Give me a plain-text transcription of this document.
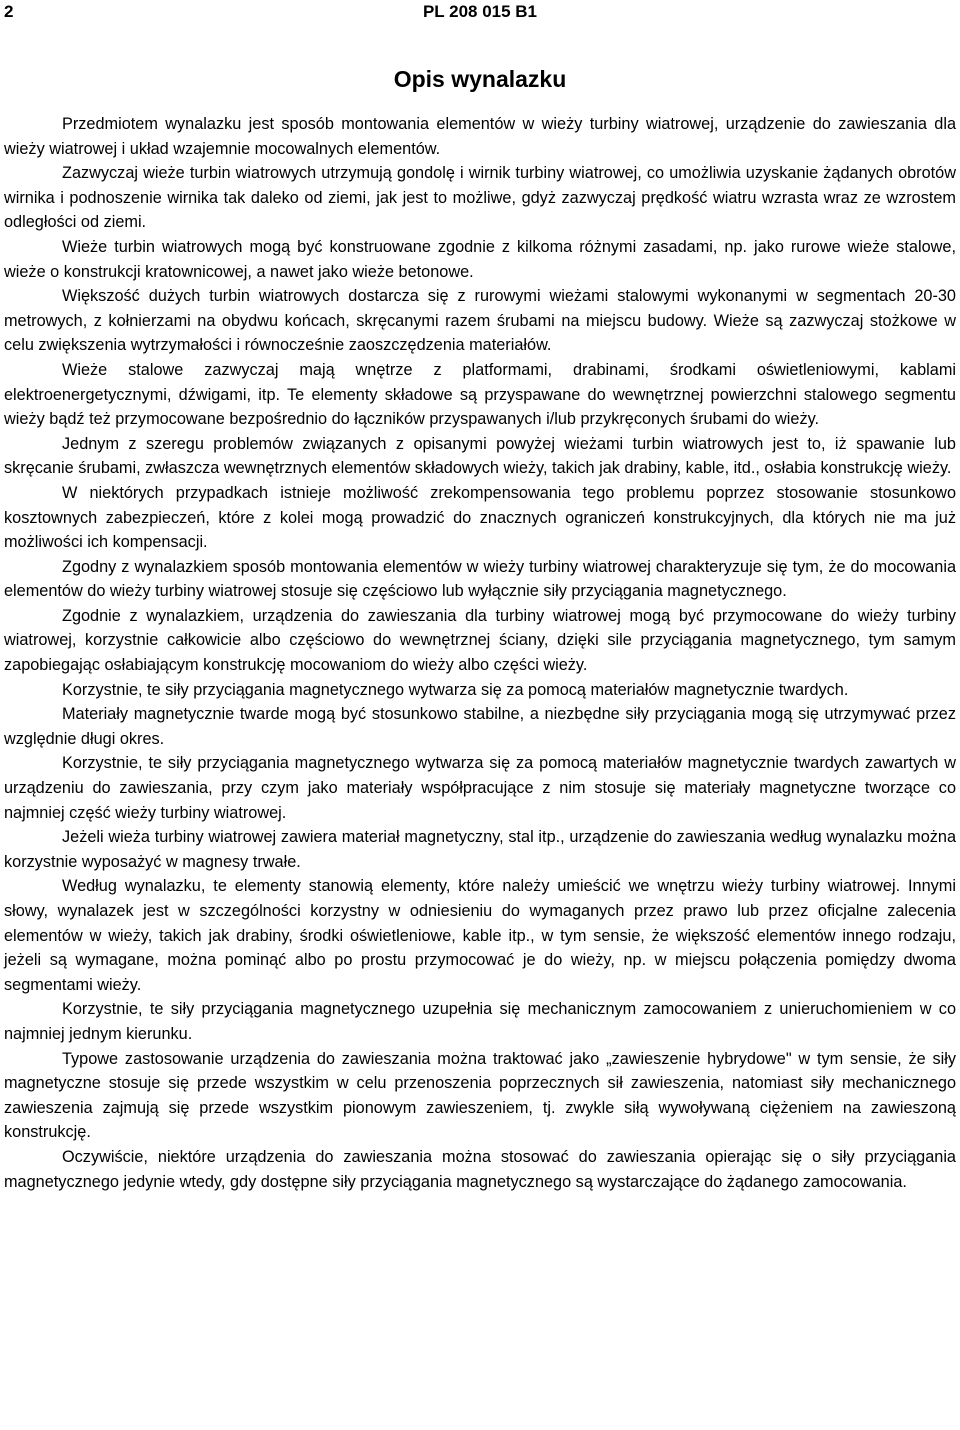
2	PL 208 015 B1
Opis wynalazku

Przedmiotem wynalazku jest sposób montowania elementów w wieży turbiny wiatrowej, urządzenie do zawieszania dla wieży wiatrowej i układ wzajemnie mocowalnych elementów.

Zazwyczaj wieże turbin wiatrowych utrzymują gondolę i wirnik turbiny wiatrowej, co umożliwia uzyskanie żądanych obrotów wirnika i podnoszenie wirnika tak daleko od ziemi, jak jest to możliwe, gdyż zazwyczaj prędkość wiatru wzrasta wraz ze wzrostem odległości od ziemi.

Wieże turbin wiatrowych mogą być konstruowane zgodnie z kilkoma różnymi zasadami, np. jako rurowe wieże stalowe, wieże o konstrukcji kratownicowej, a nawet jako wieże betonowe.

Większość dużych turbin wiatrowych dostarcza się z rurowymi wieżami stalowymi wykonanymi w segmentach 20-30 metrowych, z kołnierzami na obydwu końcach, skręcanymi razem śrubami na miejscu budowy. Wieże są zazwyczaj stożkowe w celu zwiększenia wytrzymałości i równocześnie zaoszczędzenia materiałów.

Wieże stalowe zazwyczaj mają wnętrze z platformami, drabinami, środkami oświetleniowymi, kablami elektroenergetycznymi, dźwigami, itp. Te elementy składowe są przyspawane do wewnętrznej powierzchni stalowego segmentu wieży bądź też przymocowane bezpośrednio do łączników przyspawanych i/lub przykręconych śrubami do wieży.

Jednym z szeregu problemów związanych z opisanymi powyżej wieżami turbin wiatrowych jest to, iż spawanie lub skręcanie śrubami, zwłaszcza wewnętrznych elementów składowych wieży, takich jak drabiny, kable, itd., osłabia konstrukcję wieży.

W niektórych przypadkach istnieje możliwość zrekompensowania tego problemu poprzez stosowanie stosunkowo kosztownych zabezpieczeń, które z kolei mogą prowadzić do znacznych ograniczeń konstrukcyjnych, dla których nie ma już możliwości ich kompensacji.

Zgodny z wynalazkiem sposób montowania elementów w wieży turbiny wiatrowej charakteryzuje się tym, że do mocowania elementów do wieży turbiny wiatrowej stosuje się częściowo lub wyłącznie siły przyciągania magnetycznego.

Zgodnie z wynalazkiem, urządzenia do zawieszania dla turbiny wiatrowej mogą być przymocowane do wieży turbiny wiatrowej, korzystnie całkowicie albo częściowo do wewnętrznej ściany, dzięki sile przyciągania magnetycznego, tym samym zapobiegając osłabiającym konstrukcję mocowaniom do wieży albo części wieży.

Korzystnie, te siły przyciągania magnetycznego wytwarza się za pomocą materiałów magnetycznie twardych.

Materiały magnetycznie twarde mogą być stosunkowo stabilne, a niezbędne siły przyciągania mogą się utrzymywać przez względnie długi okres.

Korzystnie, te siły przyciągania magnetycznego wytwarza się za pomocą materiałów magnetycznie twardych zawartych w urządzeniu do zawieszania, przy czym jako materiały współpracujące z nim stosuje się materiały magnetyczne tworzące co najmniej część wieży turbiny wiatrowej.

Jeżeli wieża turbiny wiatrowej zawiera materiał magnetyczny, stal itp., urządzenie do zawieszania według wynalazku można korzystnie wyposażyć w magnesy trwałe.

Według wynalazku, te elementy stanowią elementy, które należy umieścić we wnętrzu wieży turbiny wiatrowej. Innymi słowy, wynalazek jest w szczególności korzystny w odniesieniu do wymaganych przez prawo lub przez oficjalne zalecenia elementów w wieży, takich jak drabiny, środki oświetleniowe, kable itp., w tym sensie, że większość elementów innego rodzaju, jeżeli są wymagane, można pominąć albo po prostu przymocować je do wieży, np. w miejscu połączenia pomiędzy dwoma segmentami wieży.

Korzystnie, te siły przyciągania magnetycznego uzupełnia się mechanicznym zamocowaniem z unieruchomieniem w co najmniej jednym kierunku.

Typowe zastosowanie urządzenia do zawieszania można traktować jako „zawieszenie hybrydowe" w tym sensie, że siły magnetyczne stosuje się przede wszystkim w celu przenoszenia poprzecznych sił zawieszenia, natomiast siły mechanicznego zawieszenia zajmują się przede wszystkim pionowym zawieszeniem, tj. zwykle siłą wywoływaną ciężeniem na zawieszoną konstrukcję.

Oczywiście, niektóre urządzenia do zawieszania można stosować do zawieszania opierając się o siły przyciągania magnetycznego jedynie wtedy, gdy dostępne siły przyciągania magnetycznego są wystarczające do żądanego zamocowania.
